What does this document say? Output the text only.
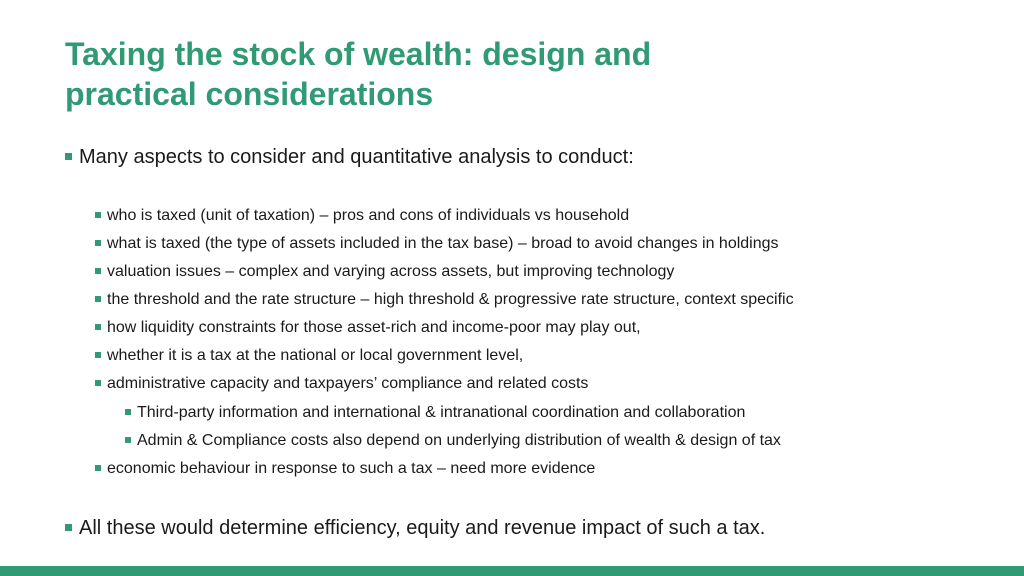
Taxing the stock of wealth: design and
practical considerations
Many aspects to consider and quantitative analysis to conduct:
who is taxed (unit of taxation) – pros and cons of individuals vs household
what is taxed (the type of assets included in the tax base) – broad to avoid changes in holdings
valuation issues – complex and varying across assets, but improving technology
the threshold and the rate structure – high threshold & progressive rate structure, context specific
how liquidity constraints for those asset-rich and income-poor may play out,
whether it is a tax at the national or local government level,
administrative capacity and taxpayers’ compliance and related costs
Third-party information and international & intranational coordination and collaboration
Admin & Compliance costs also depend on underlying distribution of wealth & design of tax
economic behaviour in response to such a tax – need more evidence
All these would determine efficiency, equity and revenue impact of such a tax.
